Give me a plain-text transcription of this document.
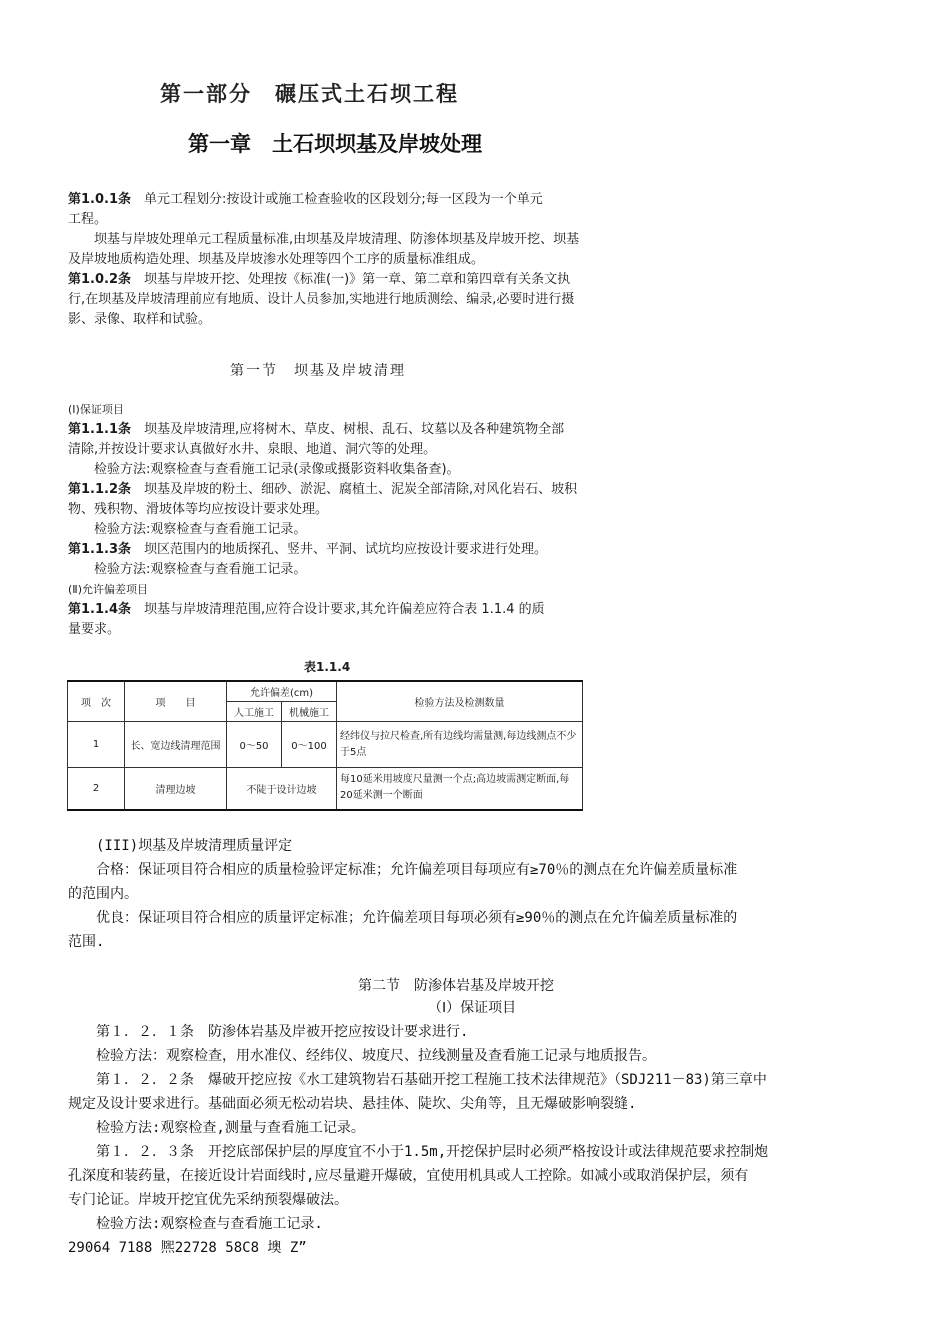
第一部分　碾压式土石坝工程
第一章　土石坝坝基及岸坡处理
第1.0.1条　单元工程划分:按设计或施工检查验收的区段划分;每一区段为一个单元
工程。
　　坝基与岸坡处理单元工程质量标准,由坝基及岸坡清理、防渗体坝基及岸坡开挖、坝基
及岸坡地质构造处理、坝基及岸坡渗水处理等四个工序的质量标准组成。
第1.0.2条　坝基与岸坡开挖、处理按《标准(一)》第一章、第二章和第四章有关条文执
行,在坝基及岸坡清理前应有地质、设计人员参加,实地进行地质测绘、编录,必要时进行摄
影、录像、取样和试验。
第一节　坝基及岸坡清理
(Ⅰ)保证项目
第1.1.1条　坝基及岸坡清理,应将树木、草皮、树根、乱石、坟墓以及各种建筑物全部
清除,并按设计要求认真做好水井、泉眼、地道、洞穴等的处理。
　　检验方法:观察检查与查看施工记录(录像或摄影资料收集备查)。
第1.1.2条　坝基及岸坡的粉土、细砂、淤泥、腐植土、泥炭全部清除,对风化岩石、坡积
物、残积物、滑坡体等均应按设计要求处理。
　　检验方法:观察检查与查看施工记录。
第1.1.3条　坝区范围内的地质探孔、竖井、平洞、试坑均应按设计要求进行处理。
　　检验方法:观察检查与查看施工记录。
(Ⅱ)允许偏差项目
第1.1.4条　坝基与岸坡清理范围,应符合设计要求,其允许偏差应符合表 1.1.4 的质
量要求。
表1.1.4
项　次	项　　目	允许偏差(cm)		检验方法及检测数量
		人工施工	机械施工	
1	长、宽边线清理范围	0～50	0～100	经纬仪与拉尺检查,所有边线均需量测,每边线测点不少于5点
2	清理边坡	不陡于设计边坡		每10延米用坡度尺量测一个点;高边坡需测定断面,每20延米测一个断面
　　(III)坝基及岸坡清理质量评定
　　合格：保证项目符合相应的质量检验评定标准；允许偏差项目每项应有≥70％的测点在允许偏差质量标准
的范围内。
　　优良：保证项目符合相应的质量评定标准；允许偏差项目每项必须有≥90％的测点在允许偏差质量标准的
范围.
第二节　防渗体岩基及岸坡开挖
（Ⅰ）保证项目
　　第１．２．１条　防渗体岩基及岸被开挖应按设计要求进行.
　　检验方法：观察检查，用水准仪、经纬仪、坡度尺、拉线测量及查看施工记录与地质报告。
　　第１．２．２条　爆破开挖应按《水工建筑物岩石基础开挖工程施工技术法律规范》（SDJ211－83)第三章中
规定及设计要求进行。基础面必须无松动岩块、悬挂体、陡坎、尖角等，且无爆破影响裂缝.
　　检验方法:观察检查,测量与查看施工记录。
　　第１．２．３条　开挖底部保护层的厚度宜不小于1.5m,开挖保护层时必须严格按设计或法律规范要求控制炮
孔深度和装药量，在接近设计岩面线时,应尽量避开爆破，宜使用机具或人工控除。如减小或取消保护层，须有
专门论证。岸坡开挖宜优先采纳预裂爆破法。
　　检验方法:观察检查与查看施工记录.
29064 7188 熈22728 58C8 墺 Z”
